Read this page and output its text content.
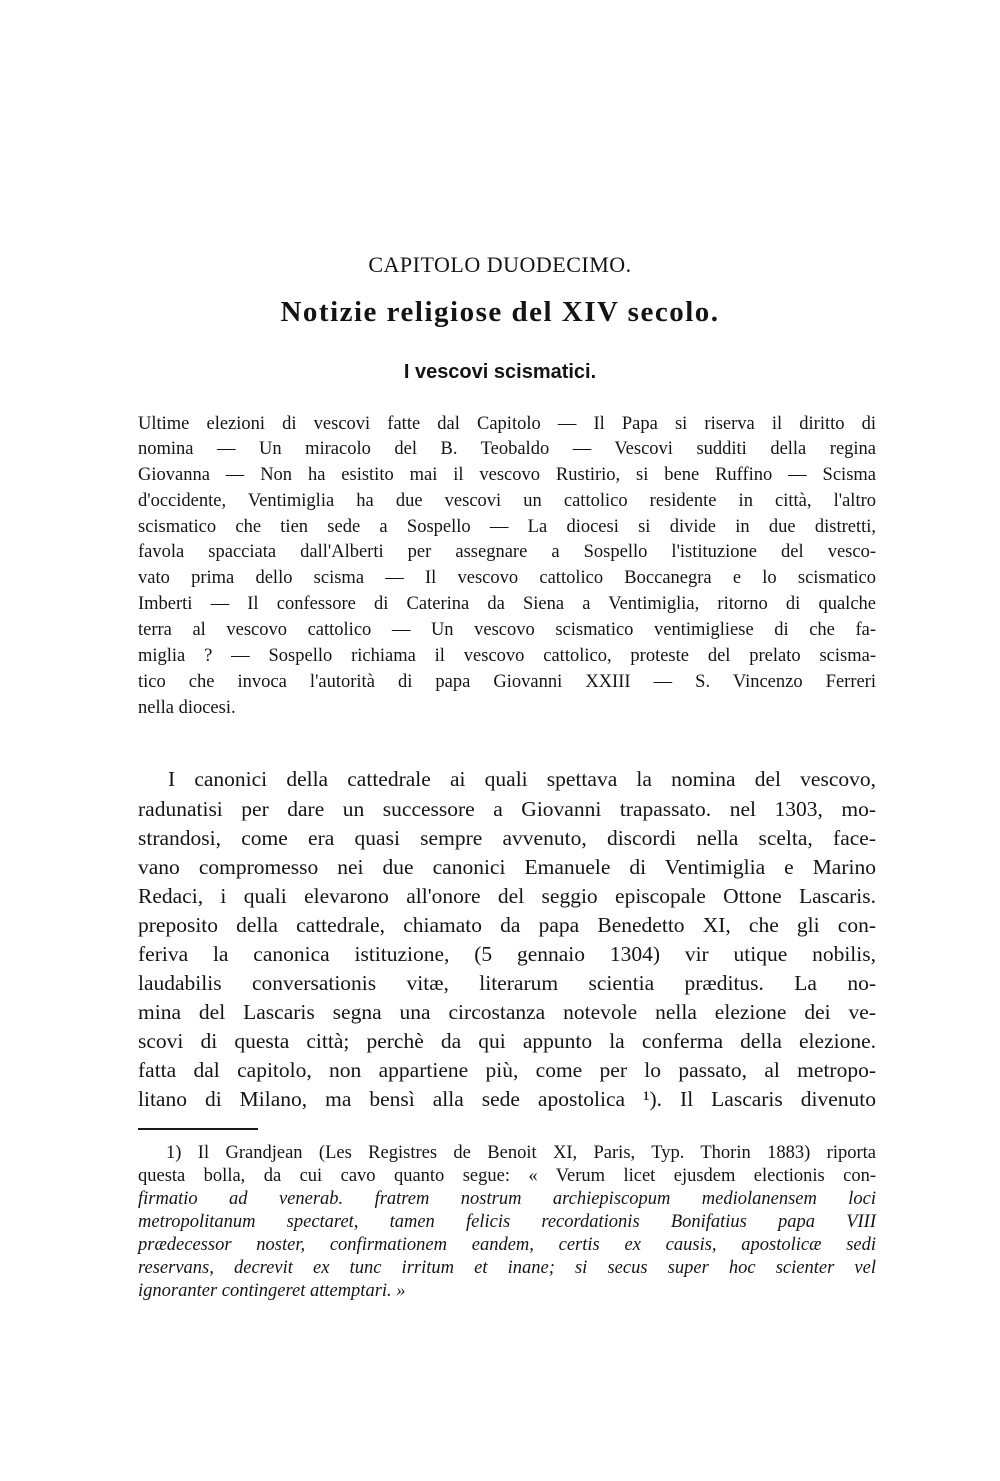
CAPITOLO DUODECIMO.
Notizie religiose del XIV secolo.
I vescovi scismatici.
Ultime elezioni di vescovi fatte dal Capitolo — Il Papa si riserva il diritto di
nomina — Un miracolo del B. Teobaldo — Vescovi sudditi della regina
Giovanna — Non ha esistito mai il vescovo Rustirio, si bene Ruffino — Scisma
d'occidente, Ventimiglia ha due vescovi un cattolico residente in città, l'altro
scismatico che tien sede a Sospello — La diocesi si divide in due distretti,
favola spacciata dall'Alberti per assegnare a Sospello l'istituzione del vesco-
vato prima dello scisma — Il vescovo cattolico Boccanegra e lo scismatico
Imberti — Il confessore di Caterina da Siena a Ventimiglia, ritorno di qualche
terra al vescovo cattolico — Un vescovo scismatico ventimigliese di che fa-
miglia ? — Sospello richiama il vescovo cattolico, proteste del prelato scisma-
tico che invoca l'autorità di papa Giovanni XXIII — S. Vincenzo Ferreri
nella diocesi.
I canonici della cattedrale ai quali spettava la nomina del vescovo,
radunatisi per dare un successore a Giovanni trapassato. nel 1303, mo-
strandosi, come era quasi sempre avvenuto, discordi nella scelta, face-
vano compromesso nei due canonici Emanuele di Ventimiglia e Marino
Redaci, i quali elevarono all'onore del seggio episcopale Ottone Lascaris.
preposito della cattedrale, chiamato da papa Benedetto XI, che gli con-
feriva la canonica istituzione, (5 gennaio 1304) vir utique nobilis,
laudabilis conversationis vitæ, literarum scientia præditus. La no-
mina del Lascaris segna una circostanza notevole nella elezione dei ve-
scovi di questa città; perchè da qui appunto la conferma della elezione.
fatta dal capitolo, non appartiene più, come per lo passato, al metropo-
litano di Milano, ma bensì alla sede apostolica ¹). Il Lascaris divenuto
1) Il Grandjean (Les Registres de Benoit XI, Paris, Typ. Thorin 1883) riporta
questa bolla, da cui cavo quanto segue: « Verum licet ejusdem electionis con-
firmatio ad venerab. fratrem nostrum archiepiscopum mediolanensem loci
metropolitanum spectaret, tamen felicis recordationis Bonifatius papa VIII
prædecessor noster, confirmationem eandem, certis ex causis, apostolicæ sedi
reservans, decrevit ex tunc irritum et inane; si secus super hoc scienter vel
ignoranter contingeret attemptari. »
